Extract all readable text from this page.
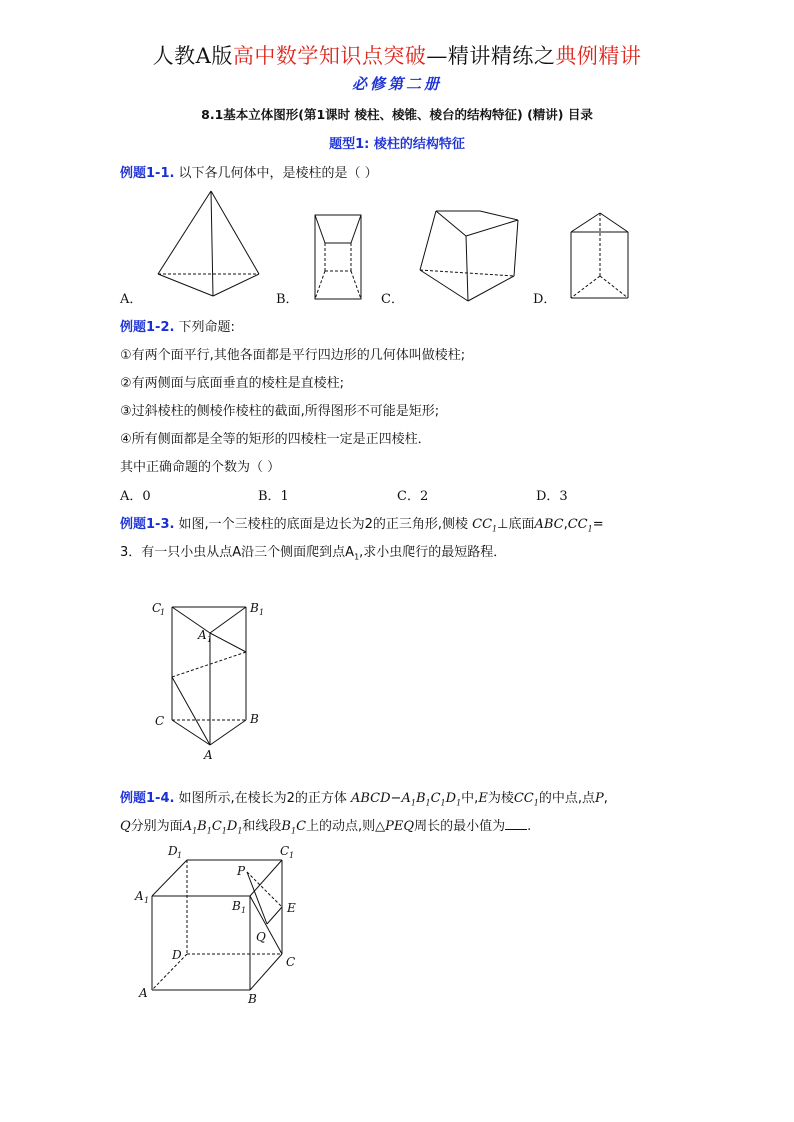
人教A版高中数学知识点突破—精讲精练之典例精讲
必修第二册
8.1基本立体图形(第1课时 棱柱、棱锥、棱台的结构特征) (精讲) 目录
题型1: 棱柱的结构特征
例题1-1. 以下各几何体中，是棱柱的是（ ）
A．	B．	C．	D．
例题1-2. 下列命题:
①有两个面平行,其他各面都是平行四边形的几何体叫做棱柱;
②有两侧面与底面垂直的棱柱是直棱柱;
③过斜棱柱的侧棱作棱柱的截面,所得图形不可能是矩形;
④所有侧面都是全等的矩形的四棱柱一定是正四棱柱．
其中正确命题的个数为（ ）
A．0	B．1	C．2	D．3
例题1-3. 如图,一个三棱柱的底面是边长为2的正三角形,侧棱 $CC_1\perp$底面$ABC,CC_1=$
3．有一只小虫从点A沿三个侧面爬到点$A_1$,求小虫爬行的最短路程．
C
1	B 1
A 1
C	B
A
例题1-4. 如图所示,在棱长为2的正方体 $ABCD-A_1B_1C_1D_1$中,E为棱$CC_1$的中点,点P,
Q分别为面$A_1B_1C_1D_1$和线段$B_1C$上的动点,则△PEQ周长的最小值为 .
D 1	C 1
A 1	B 1
P
E
Q
D	C
A	B
